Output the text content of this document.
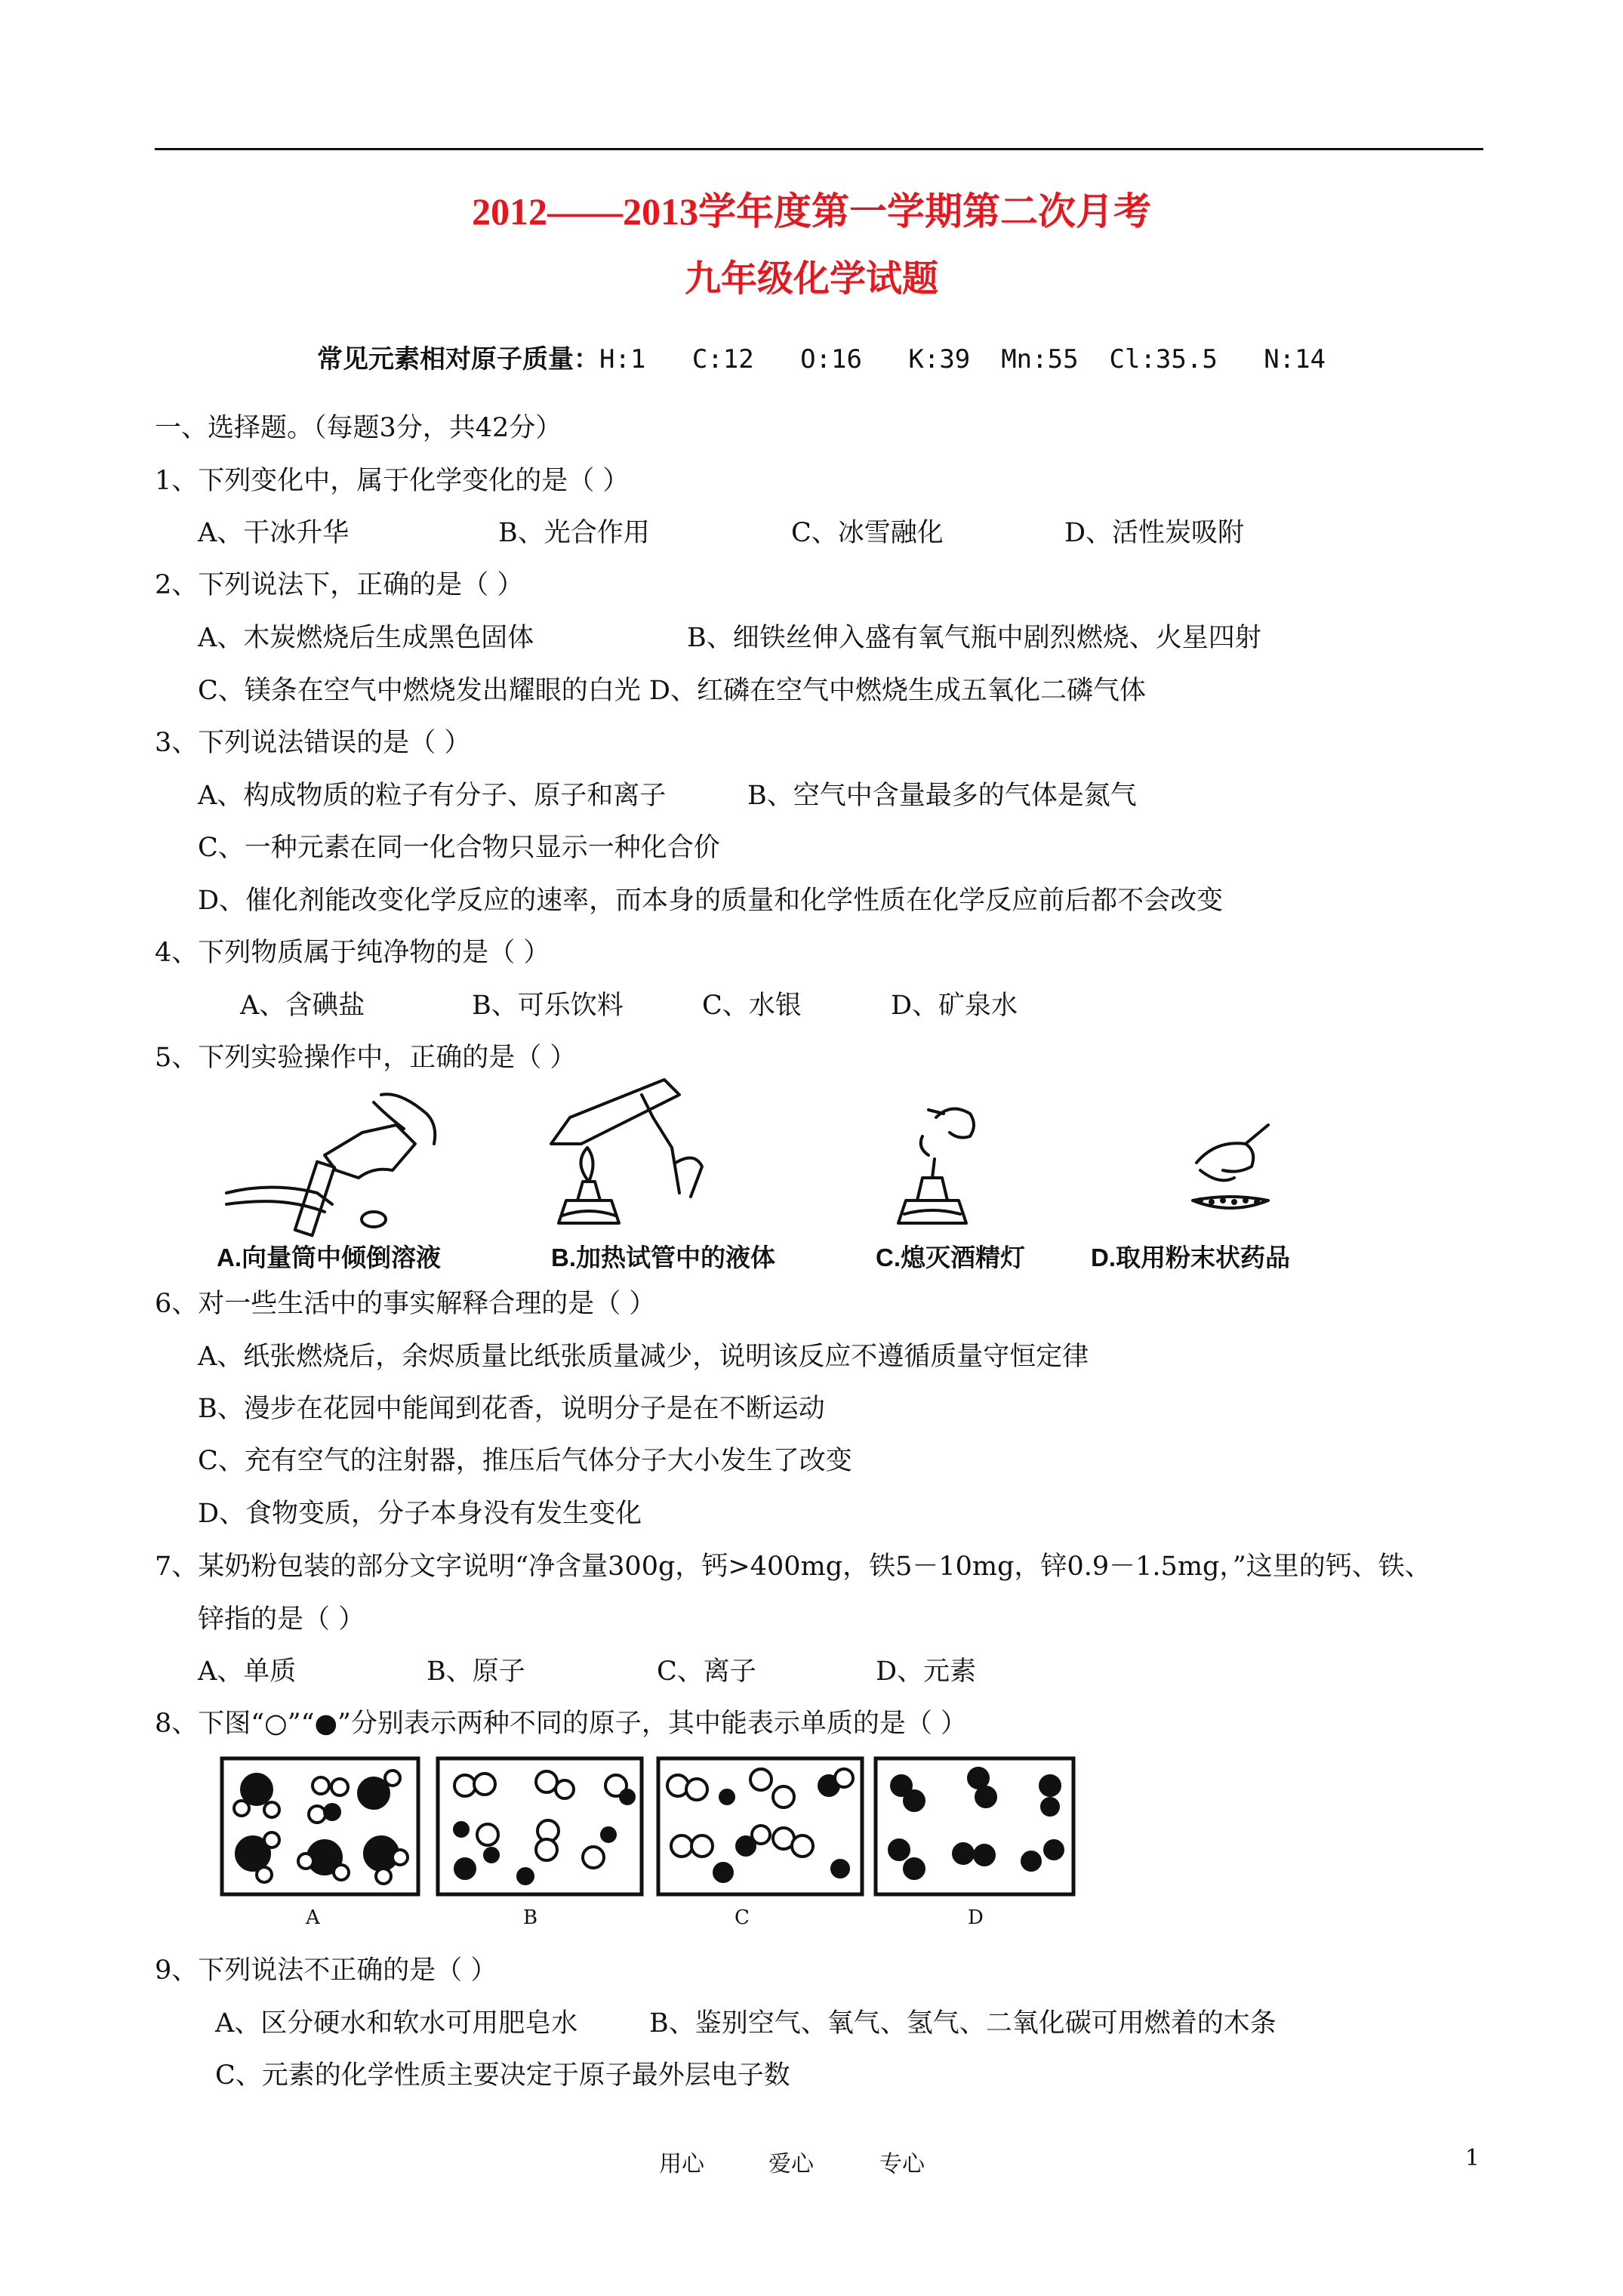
2012——2013学年度第一学期第二次月考
九年级化学试题
常见元素相对原子质量：H:1   C:12   O:16   K:39  Mn:55  Cl:35.5   N:14
一、选择题。（每题3分，共42分）
1、下列变化中，属于化学变化的是（ ）
A、干冰升华	B、光合作用	C、冰雪融化	D、活性炭吸附
2、下列说法下，正确的是（ ）
A、木炭燃烧后生成黑色固体	B、细铁丝伸入盛有氧气瓶中剧烈燃烧、火星四射
C、镁条在空气中燃烧发出耀眼的白光 D、红磷在空气中燃烧生成五氧化二磷气体
3、下列说法错误的是（ ）
A、构成物质的粒子有分子、原子和离子	B、空气中含量最多的气体是氮气
C、一种元素在同一化合物只显示一种化合价
D、催化剂能改变化学反应的速率，而本身的质量和化学性质在化学反应前后都不会改变
4、下列物质属于纯净物的是（ ）
A、含碘盐	B、可乐饮料	C、水银	D、矿泉水
5、下列实验操作中，正确的是（ ）
A.向量筒中倾倒溶液	B.加热试管中的液体	C.熄灭酒精灯	D.取用粉末状药品
6、对一些生活中的事实解释合理的是（ ）
A、纸张燃烧后，余烬质量比纸张质量减少，说明该反应不遵循质量守恒定律
B、漫步在花园中能闻到花香，说明分子是在不断运动
C、充有空气的注射器，推压后气体分子大小发生了改变
D、食物变质，分子本身没有发生变化
7、某奶粉包装的部分文字说明“净含量300g，钙>400mg，铁5－10mg，锌0.9－1.5mg，”这里的钙、铁、
锌指的是（ ）
A、单质	B、原子	C、离子	D、元素
8、下图“○”“●”分别表示两种不同的原子，其中能表示单质的是（ ）
A	B	C	D
9、下列说法不正确的是（ ）
A、区分硬水和软水可用肥皂水	B、鉴别空气、氧气、氢气、二氧化碳可用燃着的木条
C、元素的化学性质主要决定于原子最外层电子数
用心	爱心	专心	1
